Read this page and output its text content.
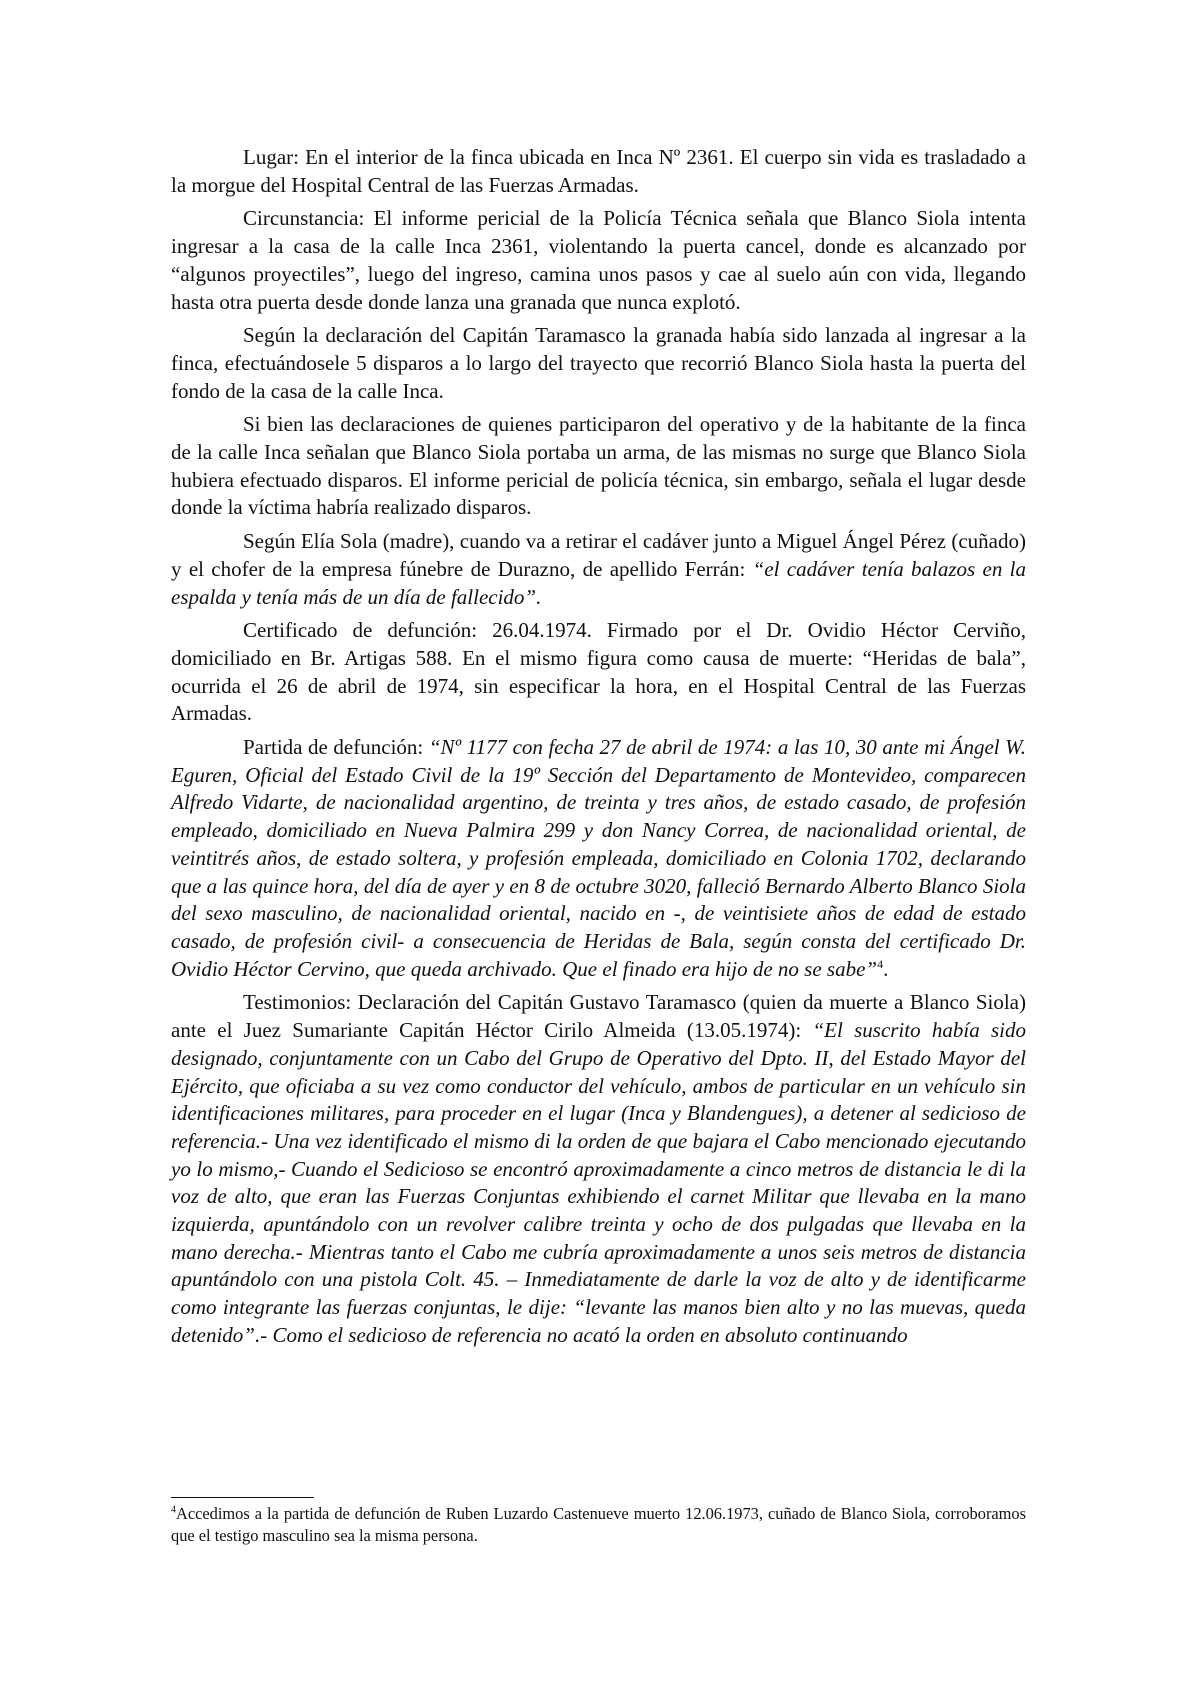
Lugar: En el interior de la finca ubicada en Inca Nº 2361. El cuerpo sin vida es trasladado a la morgue del Hospital Central de las Fuerzas Armadas.

Circunstancia: El informe pericial de la Policía Técnica señala que Blanco Siola intenta ingresar a la casa de la calle Inca 2361, violentando la puerta cancel, donde es alcanzado por “algunos proyectiles”, luego del ingreso, camina unos pasos y cae al suelo aún con vida, llegando hasta otra puerta desde donde lanza una granada que nunca explotó.

Según la declaración del Capitán Taramasco la granada había sido lanzada al ingresar a la finca, efectuándosele 5 disparos a lo largo del trayecto que recorrió Blanco Siola hasta la puerta del fondo de la casa de la calle Inca.

Si bien las declaraciones de quienes participaron del operativo y de la habitante de la finca de la calle Inca señalan que Blanco Siola portaba un arma, de las mismas no surge que Blanco Siola hubiera efectuado disparos. El informe pericial de policía técnica, sin embargo, señala el lugar desde donde la víctima habría realizado disparos.

Según Elía Sola (madre), cuando va a retirar el cadáver junto a Miguel Ángel Pérez (cuñado) y el chofer de la empresa fúnebre de Durazno, de apellido Ferrán: “el cadáver tenía balazos en la espalda y tenía más de un día de fallecido”.

Certificado de defunción: 26.04.1974. Firmado por el Dr. Ovidio Héctor Cerviño, domiciliado en Br. Artigas 588. En el mismo figura como causa de muerte: “Heridas de bala”, ocurrida el 26 de abril de 1974, sin especificar la hora, en el Hospital Central de las Fuerzas Armadas.

Partida de defunción: “Nº 1177 con fecha 27 de abril de 1974: a las 10, 30 ante mi Ángel W. Eguren, Oficial del Estado Civil de la 19º Sección del Departamento de Montevideo, comparecen Alfredo Vidarte, de nacionalidad argentino, de treinta y tres años, de estado casado, de profesión empleado, domiciliado en Nueva Palmira 299 y don Nancy Correa, de nacionalidad oriental, de veintitrés años, de estado soltera, y profesión empleada, domiciliado en Colonia 1702, declarando que a las quince hora, del día de ayer y en 8 de octubre 3020, falleció Bernardo Alberto Blanco Siola del sexo masculino, de nacionalidad oriental, nacido en -, de veintisiete años de edad de estado casado, de profesión civil- a consecuencia de Heridas de Bala, según consta del certificado Dr. Ovidio Héctor Cervino, que queda archivado. Que el finado era hijo de no se sabe”$^4$.

Testimonios: Declaración del Capitán Gustavo Taramasco (quien da muerte a Blanco Siola) ante el Juez Sumariante Capitán Héctor Cirilo Almeida (13.05.1974): “El suscrito había sido designado, conjuntamente con un Cabo del Grupo de Operativo del Dpto. II, del Estado Mayor del Ejército, que oficiaba a su vez como conductor del vehículo, ambos de particular en un vehículo sin identificaciones militares, para proceder en el lugar (Inca y Blandengues), a detener al sedicioso de referencia.- Una vez identificado el mismo di la orden de que bajara el Cabo mencionado ejecutando yo lo mismo,- Cuando el Sedicioso se encontró aproximadamente a cinco metros de distancia le di la voz de alto, que eran las Fuerzas Conjuntas exhibiendo el carnet Militar que llevaba en la mano izquierda, apuntándolo con un revolver calibre treinta y ocho de dos pulgadas que llevaba en la mano derecha.- Mientras tanto el Cabo me cubría aproximadamente a unos seis metros de distancia apuntándolo con una pistola Colt. 45. – Inmediatamente de darle la voz de alto y de identificarme como integrante las fuerzas conjuntas, le dije: “levante las manos bien alto y no las muevas, queda detenido”.- Como el sedicioso de referencia no acató la orden en absoluto continuando

$^4$Accedimos a la partida de defunción de Ruben Luzardo Castenueve muerto 12.06.1973, cuñado de Blanco Siola, corroboramos que el testigo masculino sea la misma persona.
